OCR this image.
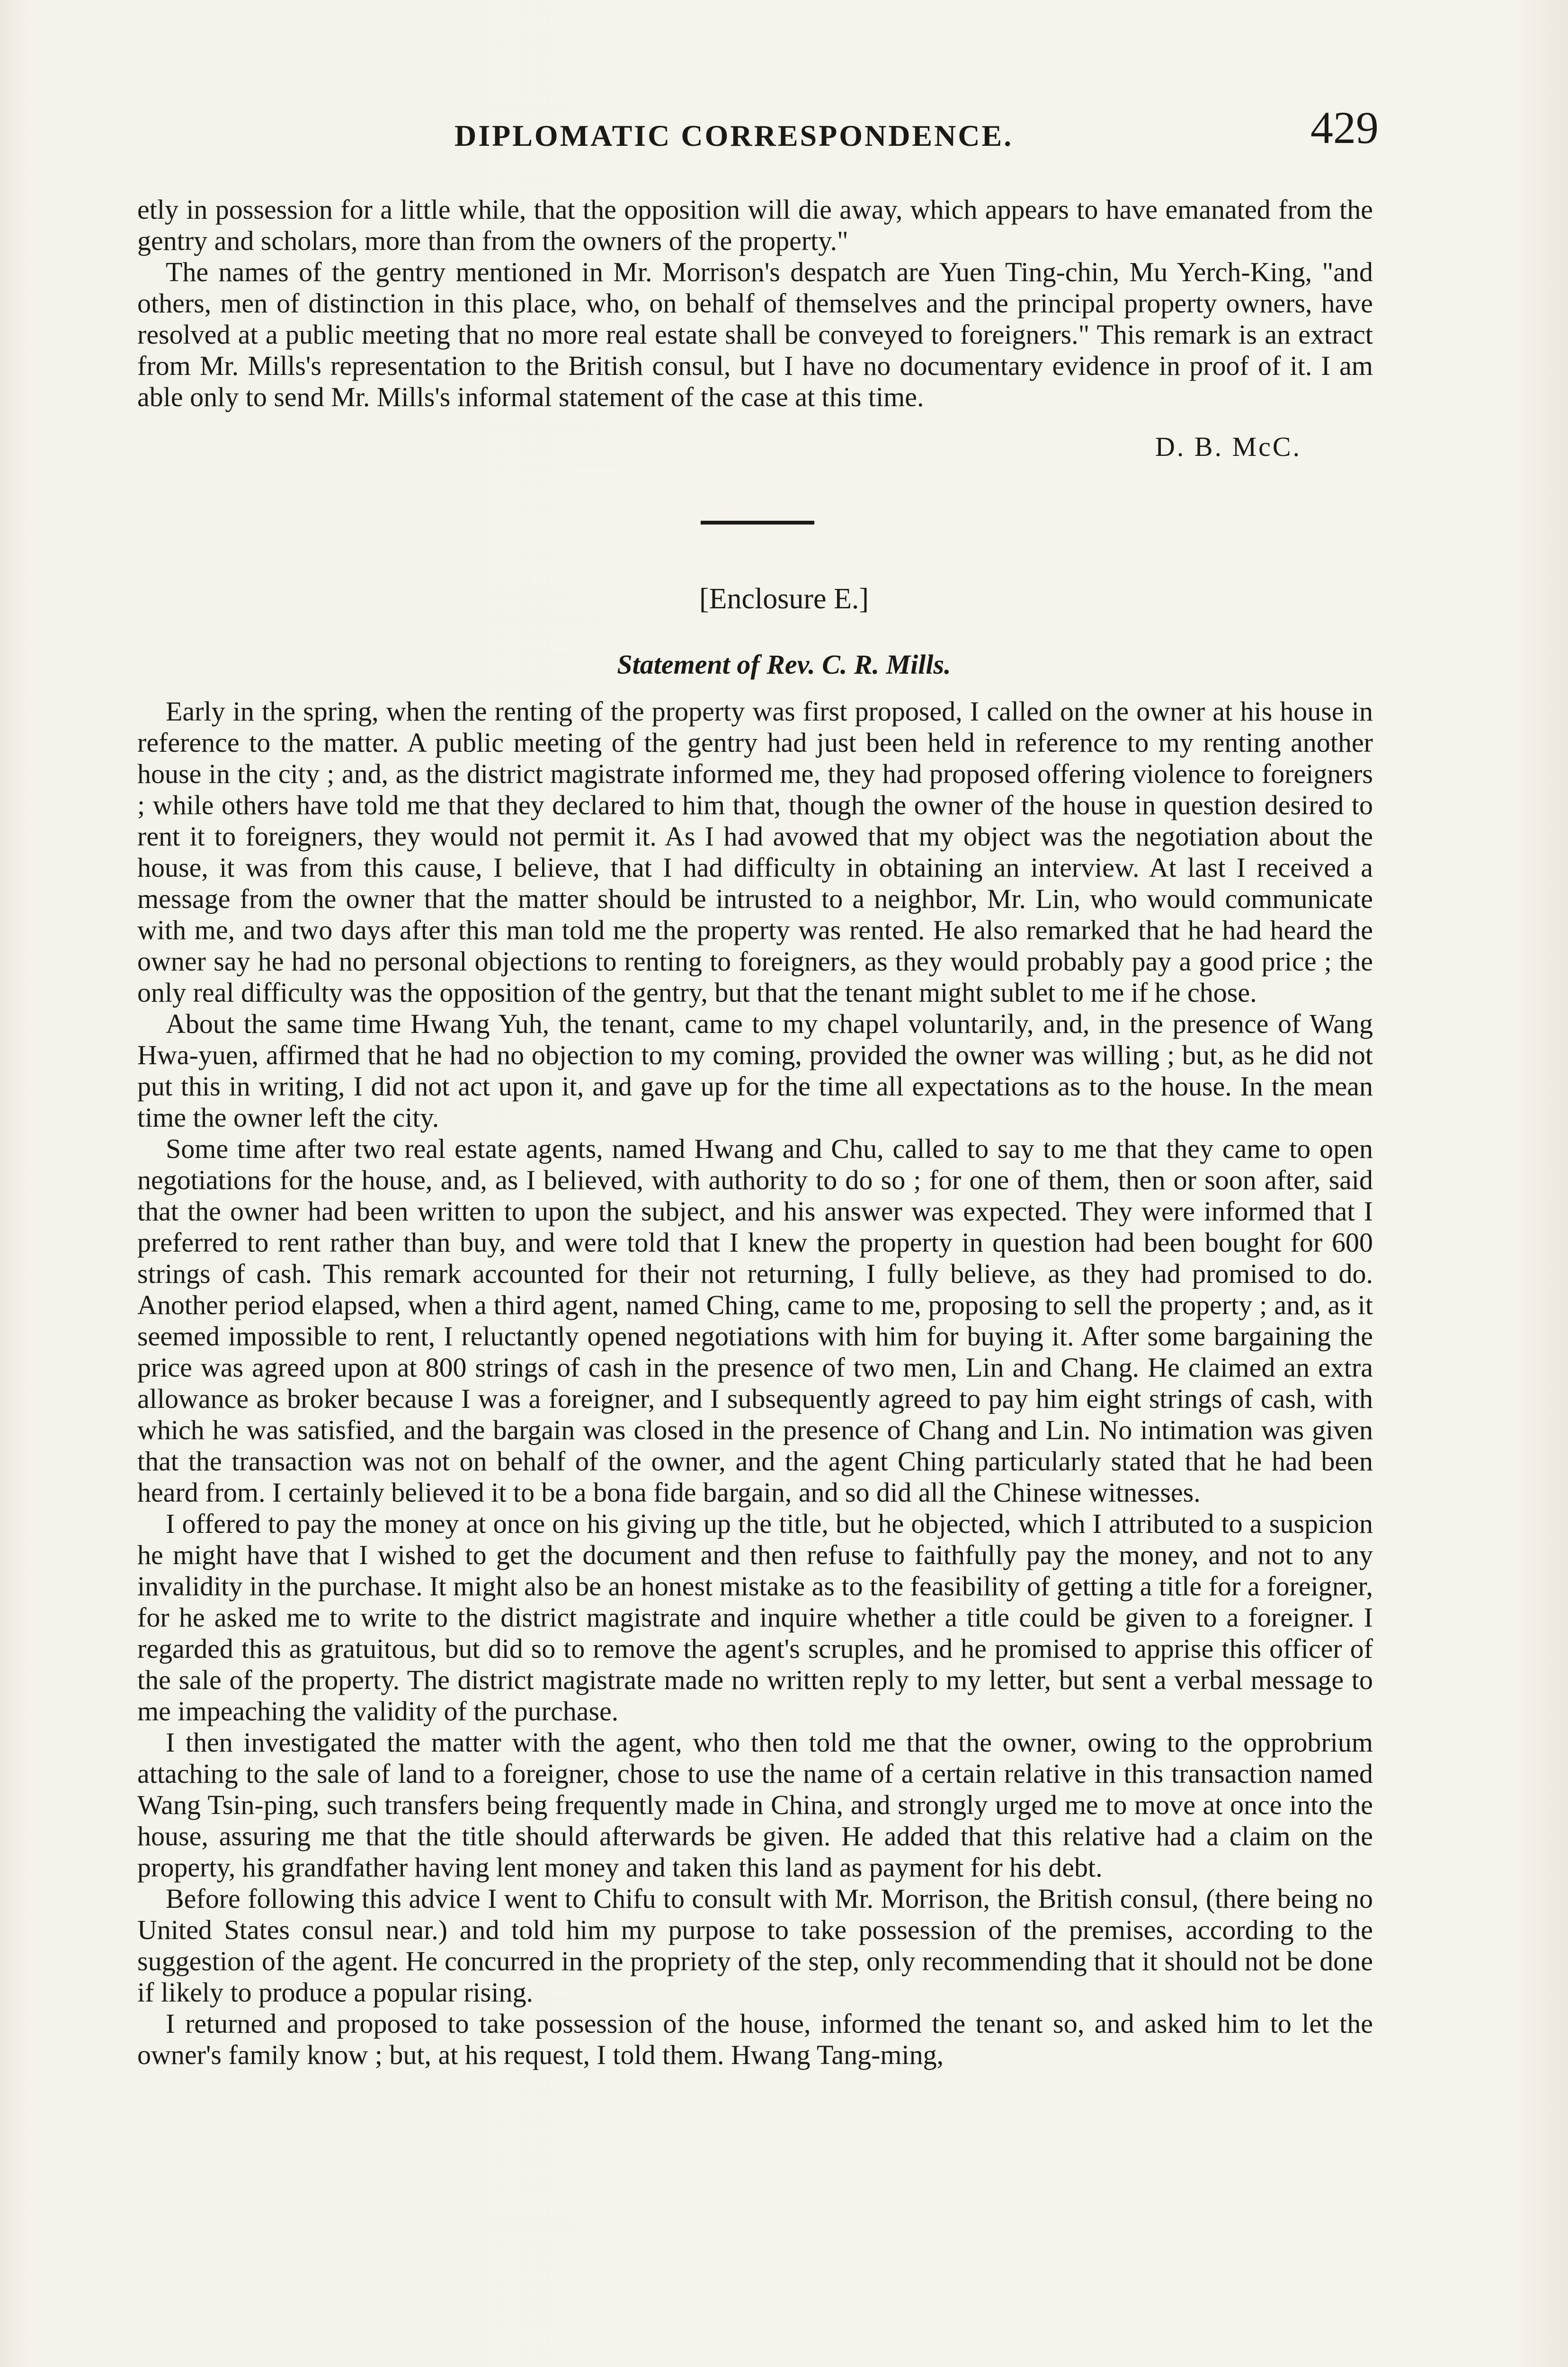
DIPLOMATIC CORRESPONDENCE.	429

etly in possession for a little while, that the opposition will die away, which appears to have emanated from the gentry and scholars, more than from the owners of the property."

The names of the gentry mentioned in Mr. Morrison's despatch are Yuen Ting-chin, Mu Yerch-King, "and others, men of distinction in this place, who, on behalf of themselves and the principal property owners, have resolved at a public meeting that no more real estate shall be conveyed to foreigners." This remark is an extract from Mr. Mills's representation to the British consul, but I have no documentary evidence in proof of it. I am able only to send Mr. Mills's informal statement of the case at this time.

D. B. McC.
[Enclosure E.]
Statement of Rev. C. R. Mills.

Early in the spring, when the renting of the property was first proposed, I called on the owner at his house in reference to the matter. A public meeting of the gentry had just been held in reference to my renting another house in the city ; and, as the district magistrate informed me, they had proposed offering violence to foreigners ; while others have told me that they declared to him that, though the owner of the house in question desired to rent it to foreigners, they would not permit it. As I had avowed that my object was the negotiation about the house, it was from this cause, I believe, that I had difficulty in obtaining an interview. At last I received a message from the owner that the matter should be intrusted to a neighbor, Mr. Lin, who would communicate with me, and two days after this man told me the property was rented. He also remarked that he had heard the owner say he had no personal objections to renting to foreigners, as they would probably pay a good price ; the only real difficulty was the opposition of the gentry, but that the tenant might sublet to me if he chose.

About the same time Hwang Yuh, the tenant, came to my chapel voluntarily, and, in the presence of Wang Hwa-yuen, affirmed that he had no objection to my coming, provided the owner was willing ; but, as he did not put this in writing, I did not act upon it, and gave up for the time all expectations as to the house. In the mean time the owner left the city.

Some time after two real estate agents, named Hwang and Chu, called to say to me that they came to open negotiations for the house, and, as I believed, with authority to do so ; for one of them, then or soon after, said that the owner had been written to upon the subject, and his answer was expected. They were informed that I preferred to rent rather than buy, and were told that I knew the property in question had been bought for 600 strings of cash. This remark accounted for their not returning, I fully believe, as they had promised to do. Another period elapsed, when a third agent, named Ching, came to me, proposing to sell the property ; and, as it seemed impossible to rent, I reluctantly opened negotiations with him for buying it. After some bargaining the price was agreed upon at 800 strings of cash in the presence of two men, Lin and Chang. He claimed an extra allowance as broker because I was a foreigner, and I subsequently agreed to pay him eight strings of cash, with which he was satisfied, and the bargain was closed in the presence of Chang and Lin. No intimation was given that the transaction was not on behalf of the owner, and the agent Ching particularly stated that he had been heard from. I certainly believed it to be a bona fide bargain, and so did all the Chinese witnesses.

I offered to pay the money at once on his giving up the title, but he objected, which I attributed to a suspicion he might have that I wished to get the document and then refuse to faithfully pay the money, and not to any invalidity in the purchase. It might also be an honest mistake as to the feasibility of getting a title for a foreigner, for he asked me to write to the district magistrate and inquire whether a title could be given to a foreigner. I regarded this as gratuitous, but did so to remove the agent's scruples, and he promised to apprise this officer of the sale of the property. The district magistrate made no written reply to my letter, but sent a verbal message to me impeaching the validity of the purchase.

I then investigated the matter with the agent, who then told me that the owner, owing to the opprobrium attaching to the sale of land to a foreigner, chose to use the name of a certain relative in this transaction named Wang Tsin-ping, such transfers being frequently made in China, and strongly urged me to move at once into the house, assuring me that the title should afterwards be given. He added that this relative had a claim on the property, his grandfather having lent money and taken this land as payment for his debt.

Before following this advice I went to Chifu to consult with Mr. Morrison, the British consul, (there being no United States consul near.) and told him my purpose to take possession of the premises, according to the suggestion of the agent. He concurred in the propriety of the step, only recommending that it should not be done if likely to produce a popular rising.

I returned and proposed to take possession of the house, informed the tenant so, and asked him to let the owner's family know ; but, at his request, I told them. Hwang Tang-ming,
